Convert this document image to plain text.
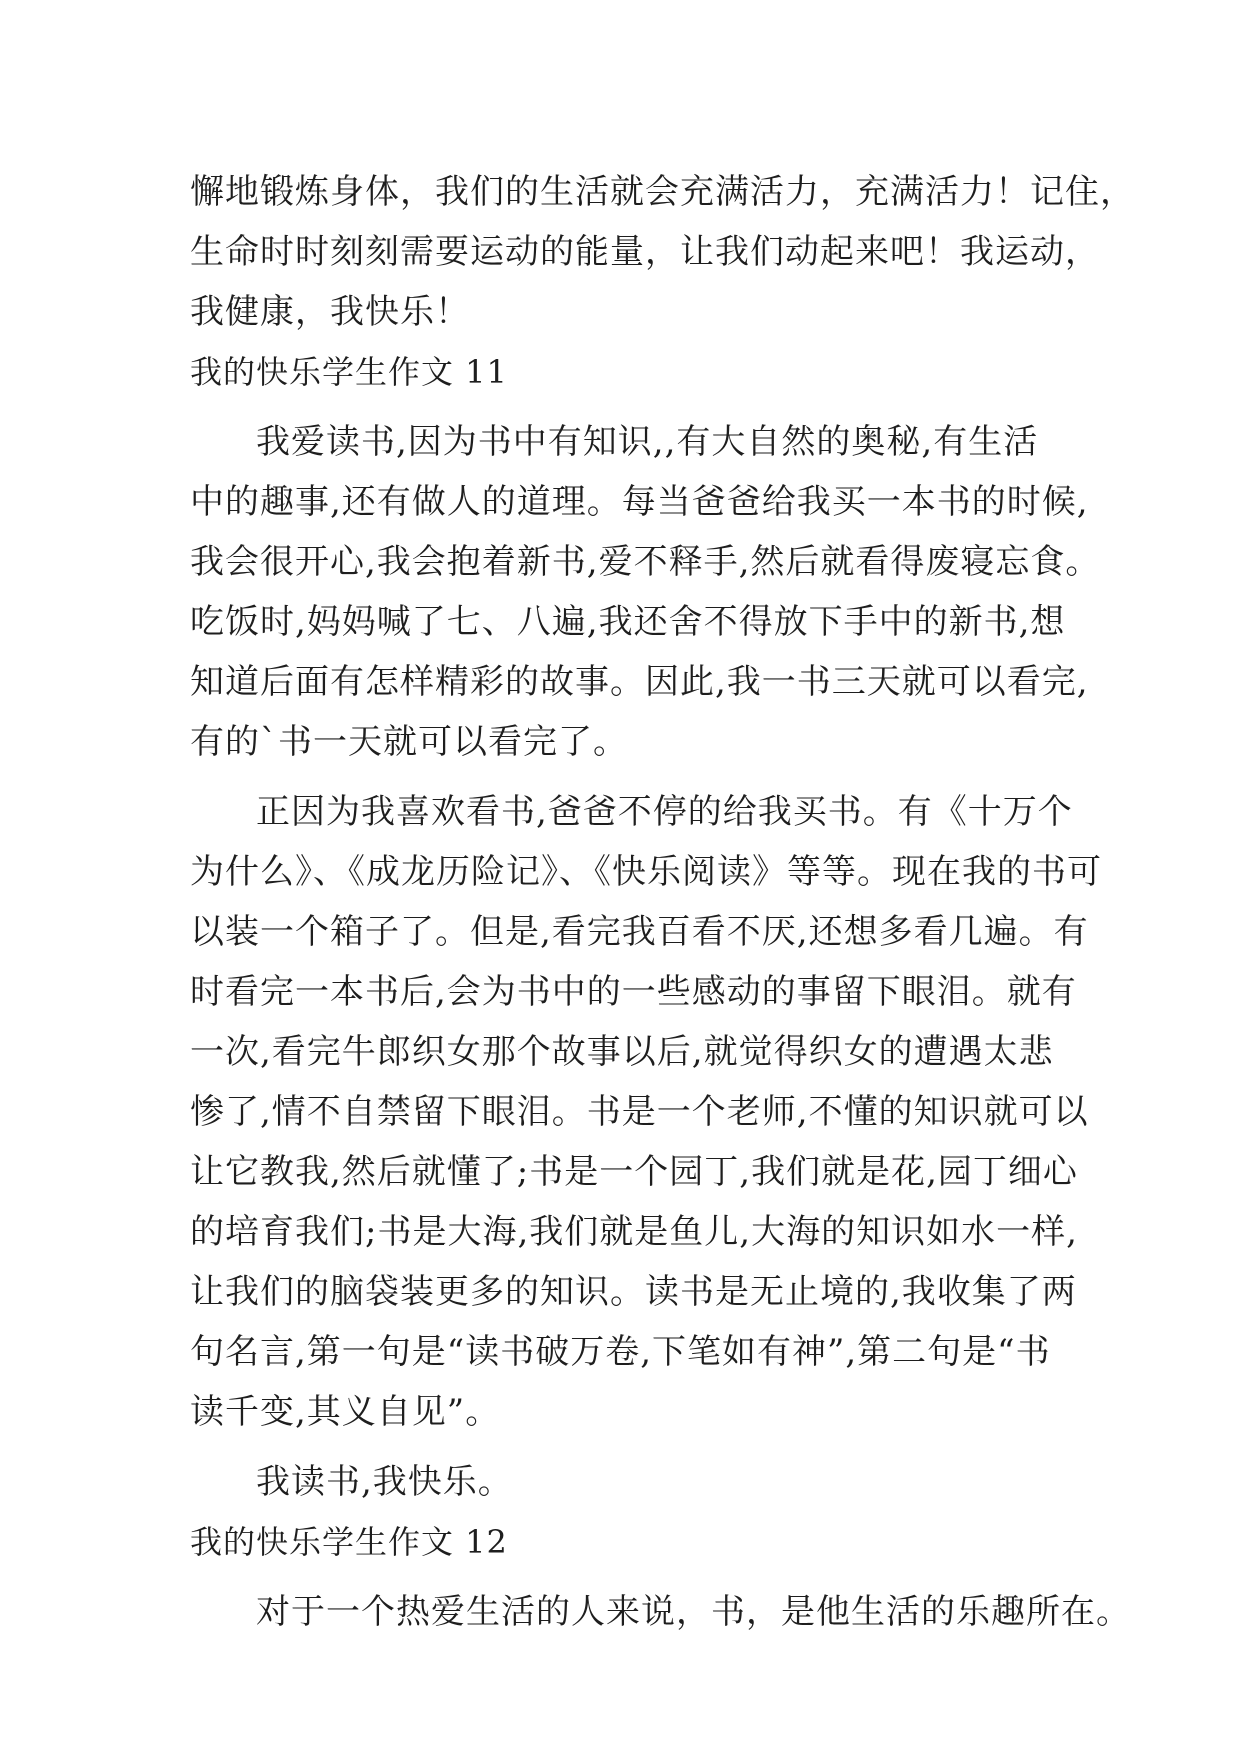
懈地锻炼身体，我们的生活就会充满活力，充满活力！记住，
生命时时刻刻需要运动的能量，让我们动起来吧！我运动，
我健康，我快乐！
我的快乐学生作文 11
我爱读书,因为书中有知识,,有大自然的奥秘,有生活
中的趣事,还有做人的道理。每当爸爸给我买一本书的时候,
我会很开心,我会抱着新书,爱不释手,然后就看得废寝忘食。
吃饭时,妈妈喊了七、八遍,我还舍不得放下手中的新书,想
知道后面有怎样精彩的故事。因此,我一书三天就可以看完,
有的`书一天就可以看完了。
正因为我喜欢看书,爸爸不停的给我买书。有《十万个
为什么》、《成龙历险记》、《快乐阅读》等等。现在我的书可
以装一个箱子了。但是,看完我百看不厌,还想多看几遍。有
时看完一本书后,会为书中的一些感动的事留下眼泪。就有
一次,看完牛郎织女那个故事以后,就觉得织女的遭遇太悲
惨了,情不自禁留下眼泪。书是一个老师,不懂的知识就可以
让它教我,然后就懂了;书是一个园丁,我们就是花,园丁细心
的培育我们;书是大海,我们就是鱼儿,大海的知识如水一样,
让我们的脑袋装更多的知识。读书是无止境的,我收集了两
句名言,第一句是“读书破万卷,下笔如有神”,第二句是“书
读千变,其义自见”。
我读书,我快乐。
我的快乐学生作文 12
对于一个热爱生活的人来说，书，是他生活的乐趣所在。
